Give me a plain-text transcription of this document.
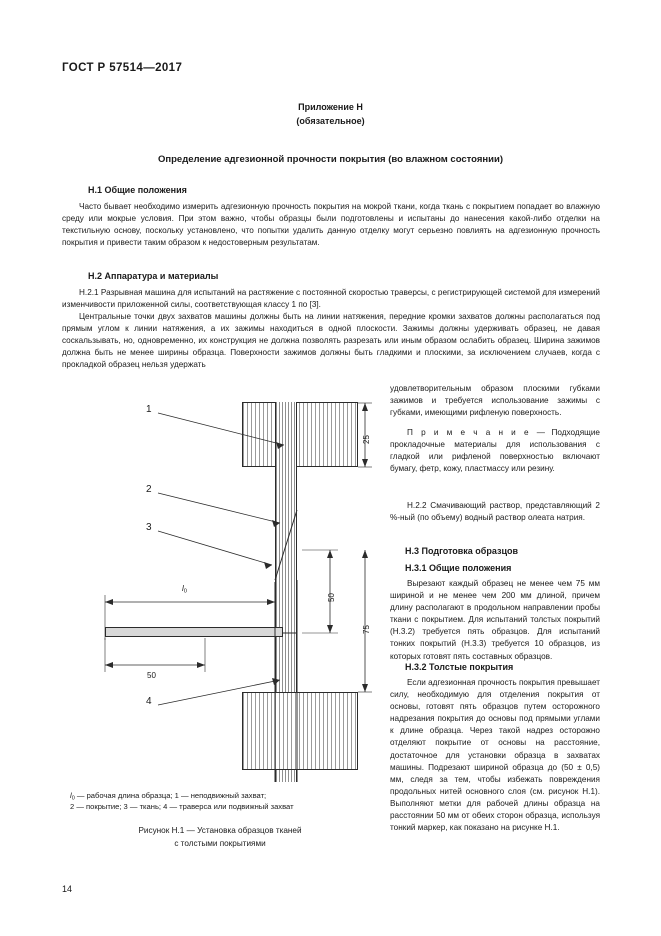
ГОСТ Р 57514—2017
Приложение Н
(обязательное)
Определение адгезионной прочности покрытия (во влажном состоянии)
Н.1 Общие положения
Часто бывает необходимо измерить адгезионную прочность покрытия на мокрой ткани, когда ткань с покрытием попадает во влажную среду или мокрые условия. При этом важно, чтобы образцы были подготовлены и испытаны до нанесения какой-либо отделки на текстильную основу, поскольку установлено, что попытки удалить данную отделку могут серьезно повлиять на адгезионную прочность покрытия и привести таким образом к недостоверным результатам.
Н.2 Аппаратура и материалы
Н.2.1 Разрывная машина для испытаний на растяжение с постоянной скоростью траверсы, с регистрирующей системой для измерений изменчивости приложенной силы, соответствующая классу 1 по [3].
Центральные точки двух захватов машины должны быть на линии натяжения, передние кромки захватов должны располагаться под прямым углом к линии натяжения, а их зажимы находиться в одной плоскости. Зажимы должны удерживать образец, не давая соскальзывать, но, одновременно, их конструкция не должна позволять разрезать или иным образом ослабить образец. Ширина зажимов должна быть не менее ширины образца. Поверхности зажимов должны быть гладкими и плоскими, за исключением случаев, когда с прокладкой образец нельзя удержать
удовлетворительным образом плоскими губками зажимов и требуется использование зажимы с губками, имеющими рифленую поверхность.
П р и м е ч а н и е — Подходящие прокладочные материалы для использования с гладкой или рифленой поверхностью включают бумагу, фетр, кожу, пластмассу или резину.
Н.2.2 Смачивающий раствор, представляющий 2 %-ный (по объему) водный раствор олеата натрия.
Н.3 Подготовка образцов
Н.3.1 Общие положения
Вырезают каждый образец не менее чем 75 мм шириной и не менее чем 200 мм длиной, причем длину располагают в продольном направлении пробы ткани с покрытием. Для испытаний толстых покрытий (Н.3.2) требуется пять образцов. Для испытаний тонких покрытий (Н.3.3) требуется 10 образцов, из которых готовят пять составных образцов.
Н.3.2 Толстые покрытия
Если адгезионная прочность покрытия превышает силу, необходимую для отделения покрытия от основы, готовят пять образцов путем осторожного надрезания покрытия до основы под прямыми углами к длине образца. Через такой надрез осторожно отделяют покрытие от основы на расстояние, достаточное для установки образца в захватах машины. Подрезают шириной образца до (50 ± 0,5) мм, следя за тем, чтобы избежать повреждения продольных нитей основного слоя (см. рисунок Н.1). Выполняют метки для рабочей длины образца на расстоянии 50 мм от обеих сторон образца, используя тонкий маркер, как показано на рисунке Н.1.
1
2
3
4
25
50
75
50
$l_0$
$l_0$ — рабочая длина образца; 1 — неподвижный захват;
2 — покрытие; 3 — ткань; 4 — траверса или подвижный захват
Рисунок Н.1 — Установка образцов тканей
с толстыми покрытиями
14
